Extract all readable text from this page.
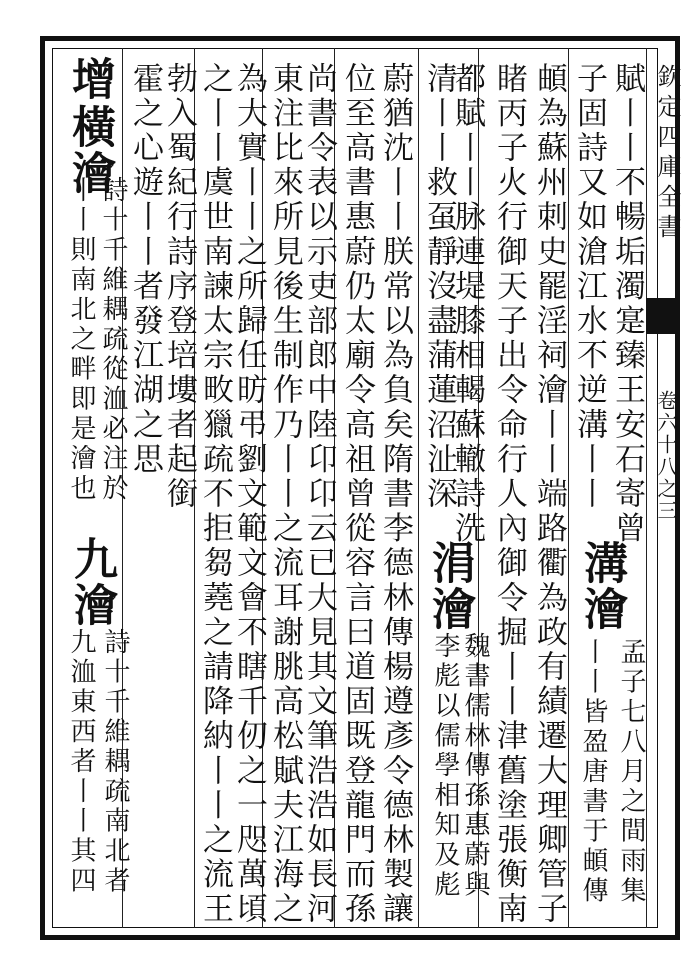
欽定四庫全書
卷六十八之三
賦丨丨不暢垢濁寔臻王安石寄曾
子固詩又如滄江水不逆溝丨丨
溝澮
孟子七八月之間雨集
丨丨皆盈唐書于頔傳
頔為蘇州刺史罷淫祠澮丨丨端路衢為政有績遷大理卿管子
睹丙子火行御天子出令命行人內御令掘丨丨津舊塗張衡南
都賦丨丨脉連堤膝相輵蘇轍詩洗
清丨丨救虿靜沒盡蒲蓮沼沚深
涓澮
魏書儒林傳孫惠蔚與
李彪以儒學相知及彪
蔚猶沈丨丨朕常以為負矣隋書李德林傳楊遵彥令德林製讓
位至高書惠蔚仍太廟令高祖曾從容言曰道固既登龍門而孫
尚書令表以示吏部郎中陸卬卬云已大見其文筆浩浩如長河
東注比來所見後生制作乃丨丨之流耳謝朓高松賦夫江海之
為大實丨丨之所歸任昉弔劉文範文會不瞎千仞之一咫萬頃
之丨丨虞世南諫太宗畋獵疏不拒芻蕘之請降納丨丨之流王
勃入蜀紀行詩序登培塿者起銜
霍之心遊丨丨者發江湖之思
增
橫澮
詩十千維耦疏從洫必注於
丨丨則南北之畔即是澮也
九澮
詩十千維耦疏南北者
九洫東西者丨丨其四
